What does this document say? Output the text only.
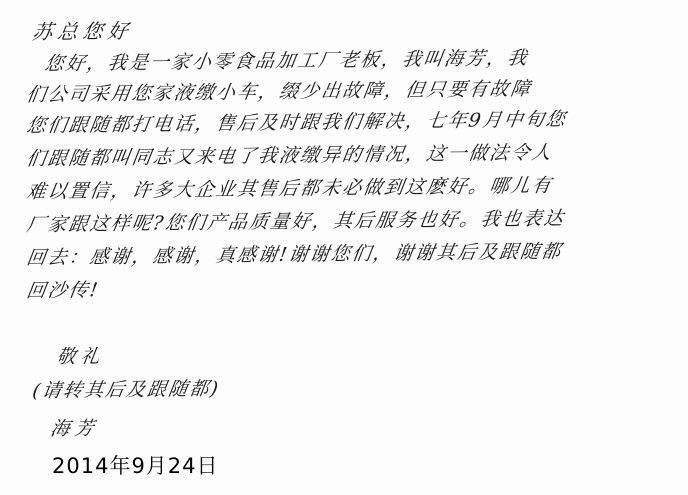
苏总您好
您好，我是一家小零食品加工厂老板，我叫海芳，我
们公司采用您家液缴小车，缀少出故障，但只要有故障
您们跟随都打电话，售后及时跟我们解决，七年9月中旬您
们跟随都叫同志又来电了我液缴异的情况，这一做法令人
难以置信，许多大企业其售后都未必做到这麽好。哪儿有
厂家跟这样呢?您们产品质量好，其后服务也好。我也表达
回去：感谢，感谢，真感谢!谢谢您们，谢谢其后及跟随都
回沙传!
敬礼
(请转其后及跟随都)
海芳
2014年9月24日
